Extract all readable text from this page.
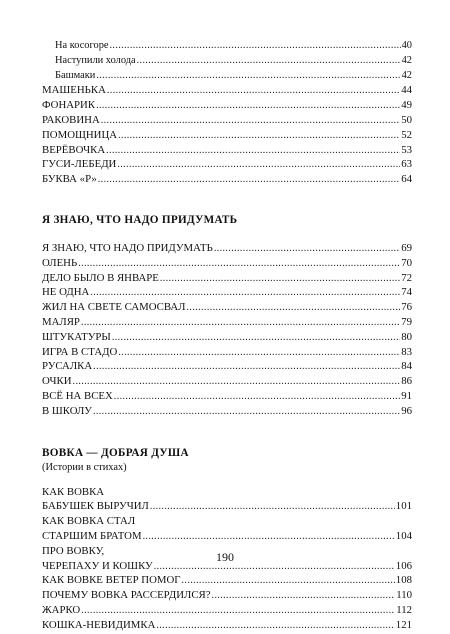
На косогоре .....	40
Наступили холода .....	42
Башмаки .....	42
МАШЕНЬКА .....	44
ФОНАРИК .....	49
РАКОВИНА .....	50
ПОМОЩНИЦА .....	52
ВЕРЁВОЧКА .....	53
ГУСИ-ЛЕБЕДИ .....	63
БУКВА «Р» .....	64
Я ЗНАЮ, ЧТО НАДО ПРИДУМАТЬ
Я ЗНАЮ, ЧТО НАДО ПРИДУМАТЬ .....	69
ОЛЕНЬ .....	70
ДЕЛО БЫЛО В ЯНВАРЕ .....	72
НЕ ОДНА .....	74
ЖИЛ НА СВЕТЕ САМОСВАЛ .....	76
МАЛЯР .....	79
ШТУКАТУРЫ .....	80
ИГРА В СТАДО .....	83
РУСАЛКА .....	84
ОЧКИ .....	86
ВСЁ НА ВСЕХ .....	91
В ШКОЛУ .....	96
ВОВКА — ДОБРАЯ ДУША
(Истории в стихах)
КАК ВОВКА
БАБУШЕК ВЫРУЧИЛ .....	101
КАК ВОВКА СТАЛ
СТАРШИМ БРАТОМ .....	104
ПРО ВОВКУ,
ЧЕРЕПАХУ И КОШКУ .....	106
КАК ВОВКЕ ВЕТЕР ПОМОГ .....	108
ПОЧЕМУ ВОВКА РАССЕРДИЛСЯ? .....	110
ЖАРКО .....	112
КОШКА-НЕВИДИМКА .....	121
190
